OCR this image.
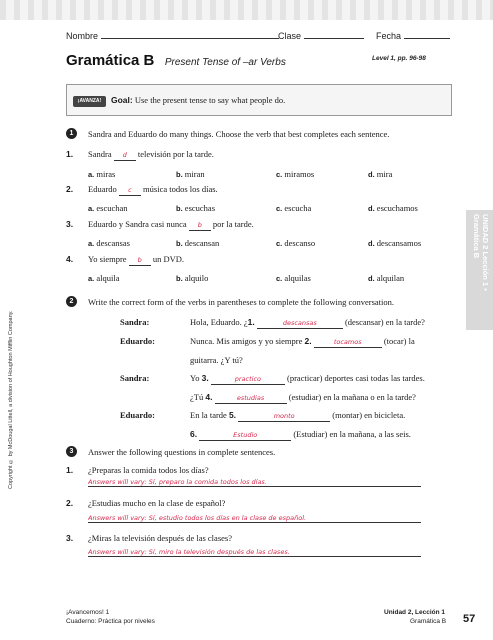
Nombre	Clase	Fecha
Gramática B Present Tense of –ar Verbs	Level 1, pp. 96-98
¡AVANZA!	Goal: Use the present tense to say what people do.
1	Sandra and Eduardo do many things. Choose the verb that best completes each sentence.
1. Sandra d televisión por la tarde.
a. miras	b. miran	c. miramos	d. mira
2. Eduardo c música todos los días.
a. escuchan	b. escuchas	c. escucha	d. escuchamos
3. Eduardo y Sandra casi nunca b por la tarde.
a. descansas	b. descansan	c. descanso	d. descansamos
4. Yo siempre b un DVD.
a. alquila	b. alquilo	c. alquilas	d. alquilan
2	Write the correct form of the verbs in parentheses to complete the following conversation.
Sandra:	Hola, Eduardo. ¿1.	descansas	(descansar) en la tarde?
Eduardo:	Nunca. Mis amigos y yo siempre 2.	tocamos	(tocar) la
guitarra. ¿Y tú?
Sandra:	Yo 3.	practico	(practicar) deportes casi todas las tardes.
¿Tú 4.	estudias	(estudiar) en la mañana o en la tarde?
Eduardo:	En la tarde 5.	monto	(montar) en bicicleta.
6.	Estudio	(Estudiar) en la mañana, a las seis.
3	Answer the following questions in complete sentences.
1. ¿Preparas la comida todos los días?
Answers will vary: Sí, preparo la comida todos los días.
2. ¿Estudias mucho en la clase de español?
Answers will vary: Sí, estudio todos los días en la clase de español.
3. ¿Miras la televisión después de las clases?
Answers will vary: Sí, miro la televisión después de las clases.
UNIDAD 2 Lección 1 • Gramática B
Copyright © by McDougal Littell, a division of Houghton Mifflin Company.
¡Avancemos! 1
Cuaderno: Práctica por niveles
Unidad 2, Lección 1
Gramática B 57
